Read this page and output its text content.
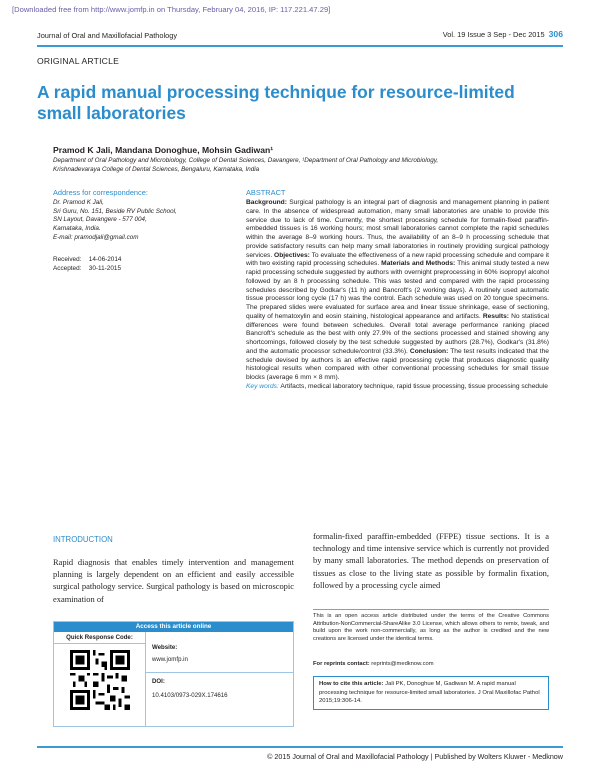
[Downloaded free from http://www.jomfp.in on Thursday, February 04, 2016, IP: 117.221.47.29]
Journal of Oral and Maxillofacial Pathology	Vol. 19 Issue 3 Sep - Dec 2015 306
ORIGINAL ARTICLE
A rapid manual processing technique for resource-limited
small laboratories
Pramod K Jali, Mandana Donoghue, Mohsin Gadiwan¹
Department of Oral Pathology and Microbiology, College of Dental Sciences, Davangere, ¹Department of Oral Pathology and Microbiology,
Krishnadevaraya College of Dental Sciences, Bengaluru, Karnataka, India
Address for correspondence:
Dr. Pramod K Jali,
Sri Guru, No. 151, Beside RV Public School,
SN Layout, Davangere - 577 004,
Karnataka, India.
E-mail: pramodjali@gmail.com
Received: 14-06-2014
Accepted: 30-11-2015
ABSTRACT
Background: Surgical pathology is an integral part of diagnosis and management planning in patient care. In the absence of widespread automation, many small laboratories are unable to provide this service due to lack of time. Currently, the shortest processing schedule for formalin-fixed paraffin-embedded tissues is 16 working hours; most small laboratories cannot complete the rapid schedules within the average 8–9 working hours. Thus, the availability of an 8–9 h processing schedule that provide satisfactory results can help many small laboratories in routinely providing surgical pathology services. Objectives: To evaluate the effectiveness of a new rapid processing schedule and compare it with two existing rapid processing schedules. Materials and Methods: This animal study tested a new rapid processing schedule suggested by authors with overnight preprocessing in 60% isopropyl alcohol followed by an 8 h processing schedule. This was tested and compared with the rapid processing schedules described by Godkar's (11 h) and Bancroft's (2 working days). A routinely used automatic tissue processor long cycle (17 h) was the control. Each schedule was used on 20 tongue specimens. The prepared slides were evaluated for surface area and linear tissue shrinkage, ease of sectioning, quality of hematoxylin and eosin staining, histological appearance and artifacts. Results: No statistical differences were found between schedules. Overall total average performance ranking placed Bancroft's schedule as the best with only 27.9% of the sections processed and stained showing any shortcomings, followed closely by the test schedule suggested by authors (28.7%), Godkar's (31.8%) and the automatic processor schedule/control (33.3%). Conclusion: The test results indicated that the schedule devised by authors is an effective rapid processing cycle that produces diagnostic quality histological results when compared with other conventional processing schedules for small tissue blocks (average 6 mm × 8 mm).
Key words: Artifacts, medical laboratory technique, rapid tissue processing, tissue processing schedule
INTRODUCTION
Rapid diagnosis that enables timely intervention and management planning is largely dependent on an efficient and easily accessible surgical pathology service. Surgical pathology is based on microscopic examination of
formalin-fixed paraffin-embedded (FFPE) tissue sections. It is a technology and time intensive service which is currently not provided by many small laboratories. The method depends on preservation of tissues as close to the living state as possible by formalin fixation, followed by a processing cycle aimed
Access this article online
Quick Response Code:
Website:
www.jomfp.in
DOI:
10.4103/0973-029X.174616
This is an open access article distributed under the terms of the Creative Commons Attribution-NonCommercial-ShareAlike 3.0 License, which allows others to remix, tweak, and build upon the work non-commercially, as long as the author is credited and the new creations are licensed under the identical terms.
For reprints contact: reprints@medknow.com
How to cite this article: Jali PK, Donoghue M, Gadiwan M. A rapid manual processing technique for resource-limited small laboratories. J Oral Maxillofac Pathol 2015;19:306-14.
© 2015 Journal of Oral and Maxillofacial Pathology | Published by Wolters Kluwer - Medknow
